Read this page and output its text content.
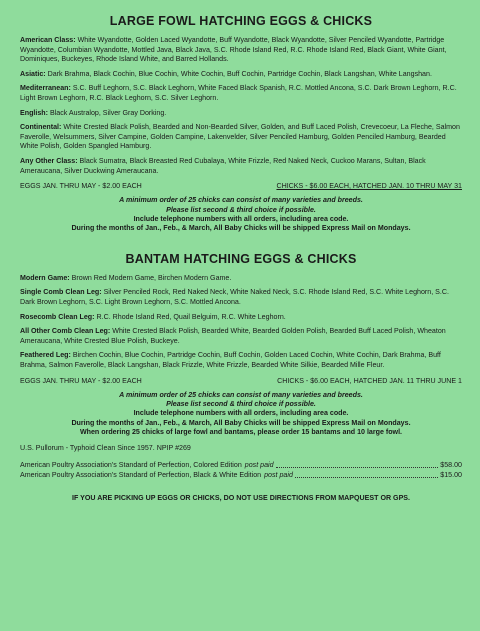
LARGE FOWL HATCHING EGGS & CHICKS

American Class: White Wyandotte, Golden Laced Wyandotte, Buff Wyandotte, Black Wyandotte, Silver Penciled Wyandotte, Partridge Wyandotte, Columbian Wyandotte, Mottled Java, Black Java, S.C. Rhode Island Red, R.C. Rhode Island Red, Black Giant, White Giant, Dominiques, Buckeyes, Rhode Island White, and Barred Hollands.

Asiatic: Dark Brahma, Black Cochin, Blue Cochin, White Cochin, Buff Cochin, Partridge Cochin, Black Langshan, White Langshan.

Mediterranean: S.C. Buff Leghorn, S.C. Black Leghorn, White Faced Black Spanish, R.C. Mottled Ancona, S.C. Dark Brown Leghorn, R.C. Light Brown Leghorn, R.C. Black Leghorn, S.C. Silver Leghorn.

English: Black Australop, Silver Gray Dorking.

Continental: White Crested Black Polish, Bearded and Non-Bearded Silver, Golden, and Buff Laced Polish, Crevecoeur, La Fleche, Salmon Faverolle, Welsummers, Silver Campine, Golden Campine, Lakenvelder, Silver Penciled Hamburg, Golden Penciled Hamburg, Bearded White Polish, Golden Spangled Hamburg.

Any Other Class: Black Sumatra, Black Breasted Red Cubalaya, White Frizzle, Red Naked Neck, Cuckoo Marans, Sultan, Black Ameraucana, Silver Duckwing Ameraucana.

EGGS JAN. THRU MAY - $2.00 EACH	CHICKS - $6.00 EACH, HATCHED JAN. 10 THRU MAY 31
A minimum order of 25 chicks can consist of many varieties and breeds.
Please list second & third choice if possible.
Include telephone numbers with all orders, including area code.
During the months of Jan., Feb., & March, All Baby Chicks will be shipped Express Mail on Mondays.
BANTAM HATCHING EGGS & CHICKS

Modern Game: Brown Red Modern Game, Birchen Modern Game.

Single Comb Clean Leg: Silver Penciled Rock, Red Naked Neck, White Naked Neck, S.C. Rhode Island Red, S.C. White Leghorn, S.C. Dark Brown Leghorn, S.C. Light Brown Leghorn, S.C. Mottled Ancona.

Rosecomb Clean Leg: R.C. Rhode Island Red, Quail Belguim, R.C. White Leghorn.

All Other Comb Clean Leg: White Crested Black Polish, Bearded White, Bearded Golden Polish, Bearded Buff Laced Polish, Wheaton Ameraucana, White Crested Blue Polish, Buckeye.

Feathered Leg: Birchen Cochin, Blue Cochin, Partridge Cochin, Buff Cochin, Golden Laced Cochin, White Cochin, Dark Brahma, Buff Brahma, Salmon Faverolle, Black Langshan, Black Frizzle, White Frizzle, Bearded White Silkie, Bearded Mille Fleur.

EGGS JAN. THRU MAY - $2.00 EACH	CHICKS - $6.00 EACH, HATCHED JAN. 11 THRU JUNE 1
A minimum order of 25 chicks can consist of many varieties and breeds.
Please list second & third choice if possible.
Include telephone numbers with all orders, including area code.
During the months of Jan., Feb., & March, All Baby Chicks will be shipped Express Mail on Mondays.
When ordering 25 chicks of large fowl and bantams, please order 15 bantams and 10 large fowl.
U.S. Pullorum - Typhoid Clean Since 1957. NPIP #269
American Poultry Association's Standard of Perfection, Colored Edition post paid	$58.00
American Poultry Association's Standard of Perfection, Black & White Edition post paid	$15.00
IF YOU ARE PICKING UP EGGS OR CHICKS, DO NOT USE DIRECTIONS FROM MAPQUEST OR GPS.
